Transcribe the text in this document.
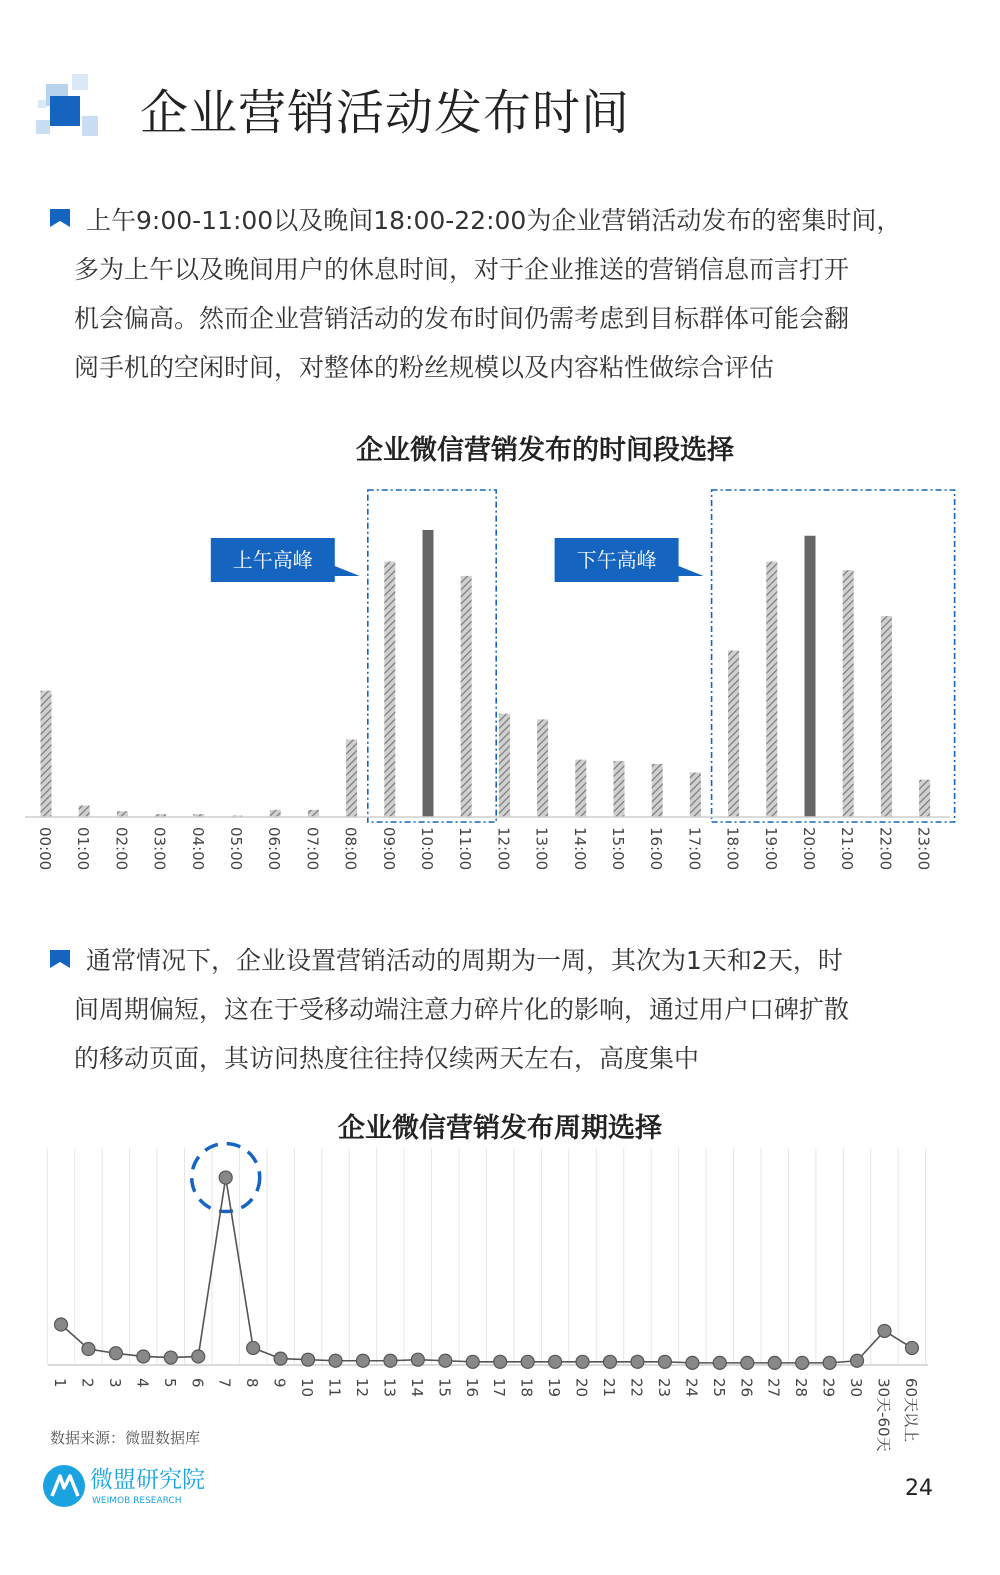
企业营销活动发布时间

上午9:00-11:00以及晚间18:00-22:00为企业营销活动发布的密集时间，

多为上午以及晚间用户的休息时间，对于企业推送的营销信息而言打开

机会偏高。然而企业营销活动的发布时间仍需考虑到目标群体可能会翻

阅手机的空闲时间，对整体的粉丝规模以及内容粘性做综合评估

企业微信营销发布的时间段选择
00:00 01:00 02:00 03:00 04:00 05:00 06:00 07:00 08:00 09:00 10:00 11:00 12:00 13:00 14:00 15:00 16:00 17:00 18:00 19:00 20:00 21:00 22:00 23:00
上午高峰	下午高峰

通常情况下，企业设置营销活动的周期为一周，其次为1天和2天，时

间周期偏短，这在于受移动端注意力碎片化的影响，通过用户口碑扩散

的移动页面，其访问热度往往持仅续两天左右，高度集中

企业微信营销发布周期选择
1 2 3 4 5 6 7 8 9 10 11 12 13 14 15 16 17 18 19 20 21 22 23 24 25 26 27 28 29 30 30天-60天 60天以上
数据来源：微盟数据库
微盟研究院
WEIMOB RESEARCH	24
